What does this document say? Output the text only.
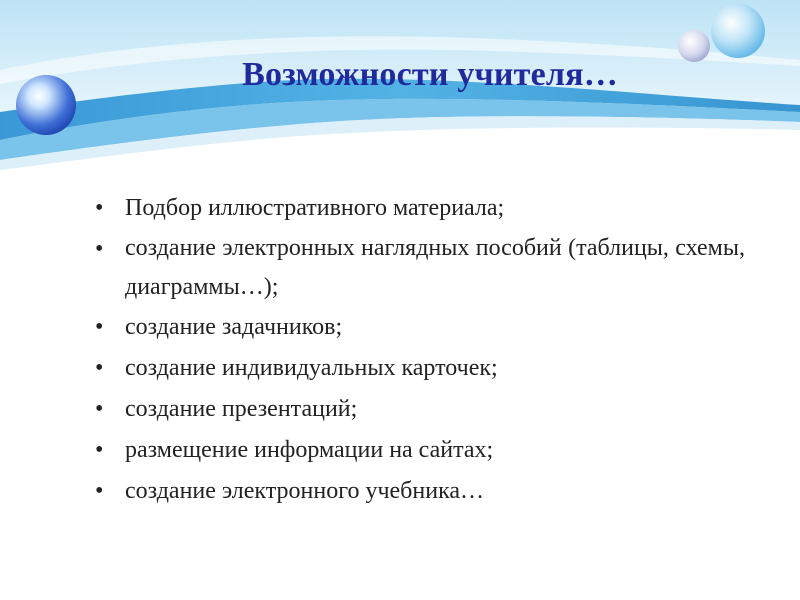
Возможности учителя…
• Подбор иллюстративного материала;
• создание электронных наглядных пособий (таблицы, схемы, диаграммы…);
• создание задачников;
• создание индивидуальных карточек;
• создание презентаций;
• размещение информации на сайтах;
• создание электронного учебника…
